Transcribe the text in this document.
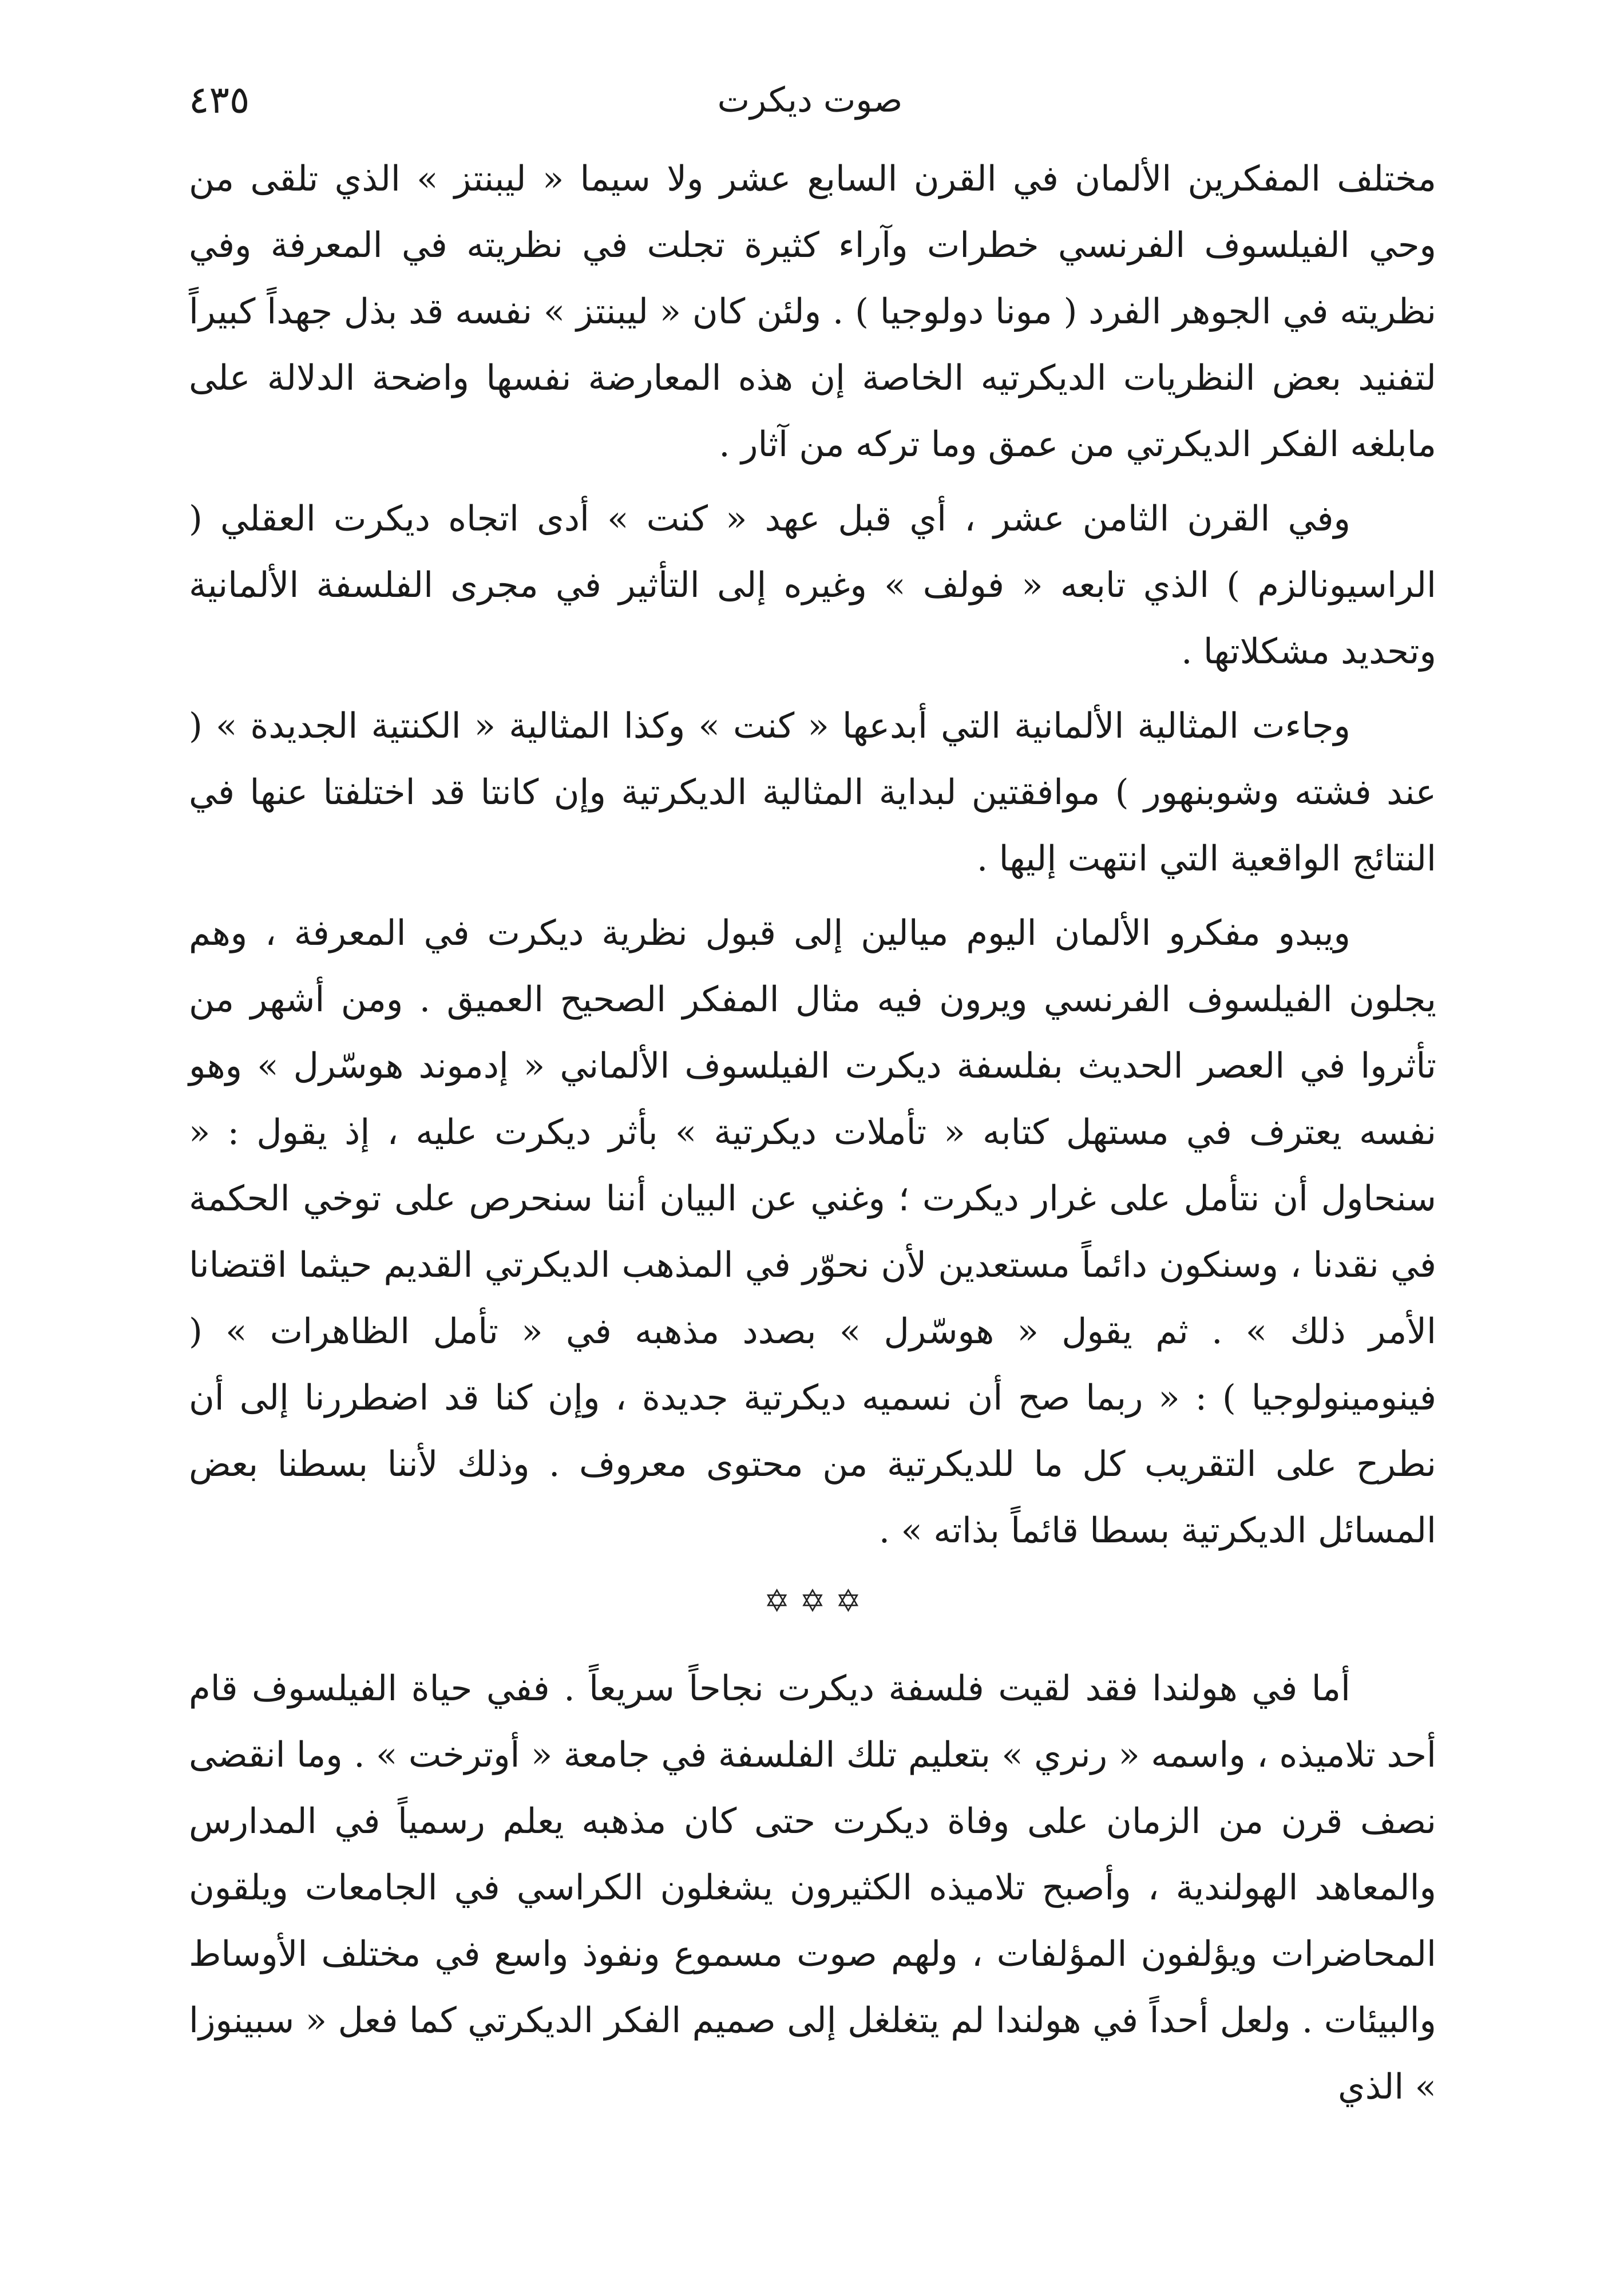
صوت ديكرت
٤٣٥

مختلف المفكرين الألمان في القرن السابع عشر ولا سيما « ليبنتز » الذي تلقى من وحي الفيلسوف الفرنسي خطرات وآراء كثيرة تجلت في نظريته في المعرفة وفي نظريته في الجوهر الفرد ( مونا دولوجيا ) . ولئن كان « ليبنتز » نفسه قد بذل جهداً كبيراً لتفنيد بعض النظريات الديكرتيه الخاصة إن هذه المعارضة نفسها واضحة الدلالة على مابلغه الفكر الديكرتي من عمق وما تركه من آثار .

وفي القرن الثامن عشر ، أي قبل عهد « كنت » أدى اتجاه ديكرت العقلي ( الراسيونالزم ) الذي تابعه « فولف » وغيره إلى التأثير في مجرى الفلسفة الألمانية وتحديد مشكلاتها .

وجاءت المثالية الألمانية التي أبدعها « كنت » وكذا المثالية « الكنتية الجديدة » ( عند فشته وشوبنهور ) موافقتين لبداية المثالية الديكرتية وإن كانتا قد اختلفتا عنها في النتائج الواقعية التي انتهت إليها .

ويبدو مفكرو الألمان اليوم ميالين إلى قبول نظرية ديكرت في المعرفة ، وهم يجلون الفيلسوف الفرنسي ويرون فيه مثال المفكر الصحيح العميق . ومن أشهر من تأثروا في العصر الحديث بفلسفة ديكرت الفيلسوف الألماني « إدموند هوسّرل » وهو نفسه يعترف في مستهل كتابه « تأملات ديكرتية » بأثر ديكرت عليه ، إذ يقول : « سنحاول أن نتأمل على غرار ديكرت ؛ وغني عن البيان أننا سنحرص على توخي الحكمة في نقدنا ، وسنكون دائماً مستعدين لأن نحوّر في المذهب الديكرتي القديم حيثما اقتضانا الأمر ذلك » . ثم يقول « هوسّرل » بصدد مذهبه في « تأمل الظاهرات » ( فينومينولوجيا ) : « ربما صح أن نسميه ديكرتية جديدة ، وإن كنا قد اضطررنا إلى أن نطرح على التقريب كل ما للديكرتية من محتوى معروف . وذلك لأننا بسطنا بعض المسائل الديكرتية بسطا قائماً بذاته » .

✡ ✡ ✡

أما في هولندا فقد لقيت فلسفة ديكرت نجاحاً سريعاً . ففي حياة الفيلسوف قام أحد تلاميذه ، واسمه « رنري » بتعليم تلك الفلسفة في جامعة « أوترخت » . وما انقضى نصف قرن من الزمان على وفاة ديكرت حتى كان مذهبه يعلم رسمياً في المدارس والمعاهد الهولندية ، وأصبح تلاميذه الكثيرون يشغلون الكراسي في الجامعات ويلقون المحاضرات ويؤلفون المؤلفات ، ولهم صوت مسموع ونفوذ واسع في مختلف الأوساط والبيئات . ولعل أحداً في هولندا لم يتغلغل إلى صميم الفكر الديكرتي كما فعل « سبينوزا » الذي
